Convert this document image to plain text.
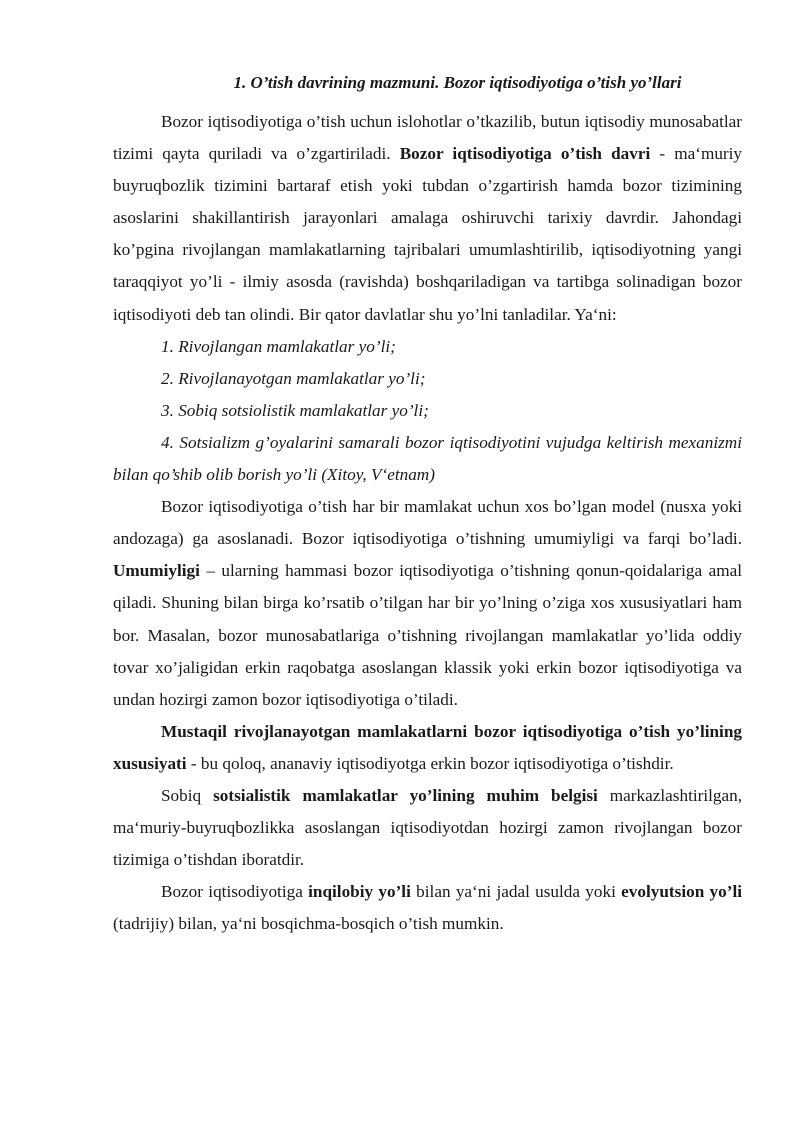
1. O’tish davrining mazmuni. Bozor iqtisodiyotiga o’tish yo’llari

Bozor iqtisodiyotiga o’tish uchun islohotlar o’tkazilib, butun iqtisodiy munosabatlar tizimi qayta quriladi va o’zgartiriladi. Bozor iqtisodiyotiga o’tish davri - ma‘muriy buyruqbozlik tizimini bartaraf etish yoki tubdan o’zgartirish hamda bozor tizimining asoslarini shakillantirish jarayonlari amalaga oshiruvchi tarixiy davrdir. Jahondagi ko’pgina rivojlangan mamlakatlarning tajribalari umumlashtirilib, iqtisodiyotning yangi taraqqiyot yo’li - ilmiy asosda (ravishda) boshqariladigan va tartibga solinadigan bozor iqtisodiyoti deb tan olindi. Bir qator davlatlar shu yo’lni tanladilar. Ya‘ni:

1. Rivojlangan mamlakatlar yo’li;

2. Rivojlanayotgan mamlakatlar yo’li;

3. Sobiq sotsiolistik mamlakatlar yo’li;

4. Sotsializm g’oyalarini samarali bozor iqtisodiyotini vujudga keltirish mexanizmi bilan qo’shib olib borish yo’li (Xitoy, V‘etnam)

Bozor iqtisodiyotiga o’tish har bir mamlakat uchun xos bo’lgan model (nusxa yoki andozaga) ga asoslanadi. Bozor iqtisodiyotiga o’tishning umumiyligi va farqi bo’ladi. Umumiyligi – ularning hammasi bozor iqtisodiyotiga o’tishning qonun-qoidalariga amal qiladi. Shuning bilan birga ko’rsatib o’tilgan har bir yo’lning o’ziga xos xususiyatlari ham bor. Masalan, bozor munosabatlariga o’tishning rivojlangan mamlakatlar yo’lida oddiy tovar xo’jaligidan erkin raqobatga asoslangan klassik yoki erkin bozor iqtisodiyotiga va undan hozirgi zamon bozor iqtisodiyotiga o’tiladi.

Mustaqil rivojlanayotgan mamlakatlarni bozor iqtisodiyotiga o’tish yo’lining xususiyati - bu qoloq, ananaviy iqtisodiyotga erkin bozor iqtisodiyotiga o’tishdir.

Sobiq sotsialistik mamlakatlar yo’lining muhim belgisi markazlashtirilgan, ma‘muriy-buyruqbozlikka asoslangan iqtisodiyotdan hozirgi zamon rivojlangan bozor tizimiga o’tishdan iboratdir.

Bozor iqtisodiyotiga inqilobiy yo’li bilan ya‘ni jadal usulda yoki evolyutsion yo’li (tadrijiy) bilan, ya‘ni bosqichma-bosqich o’tish mumkin.
